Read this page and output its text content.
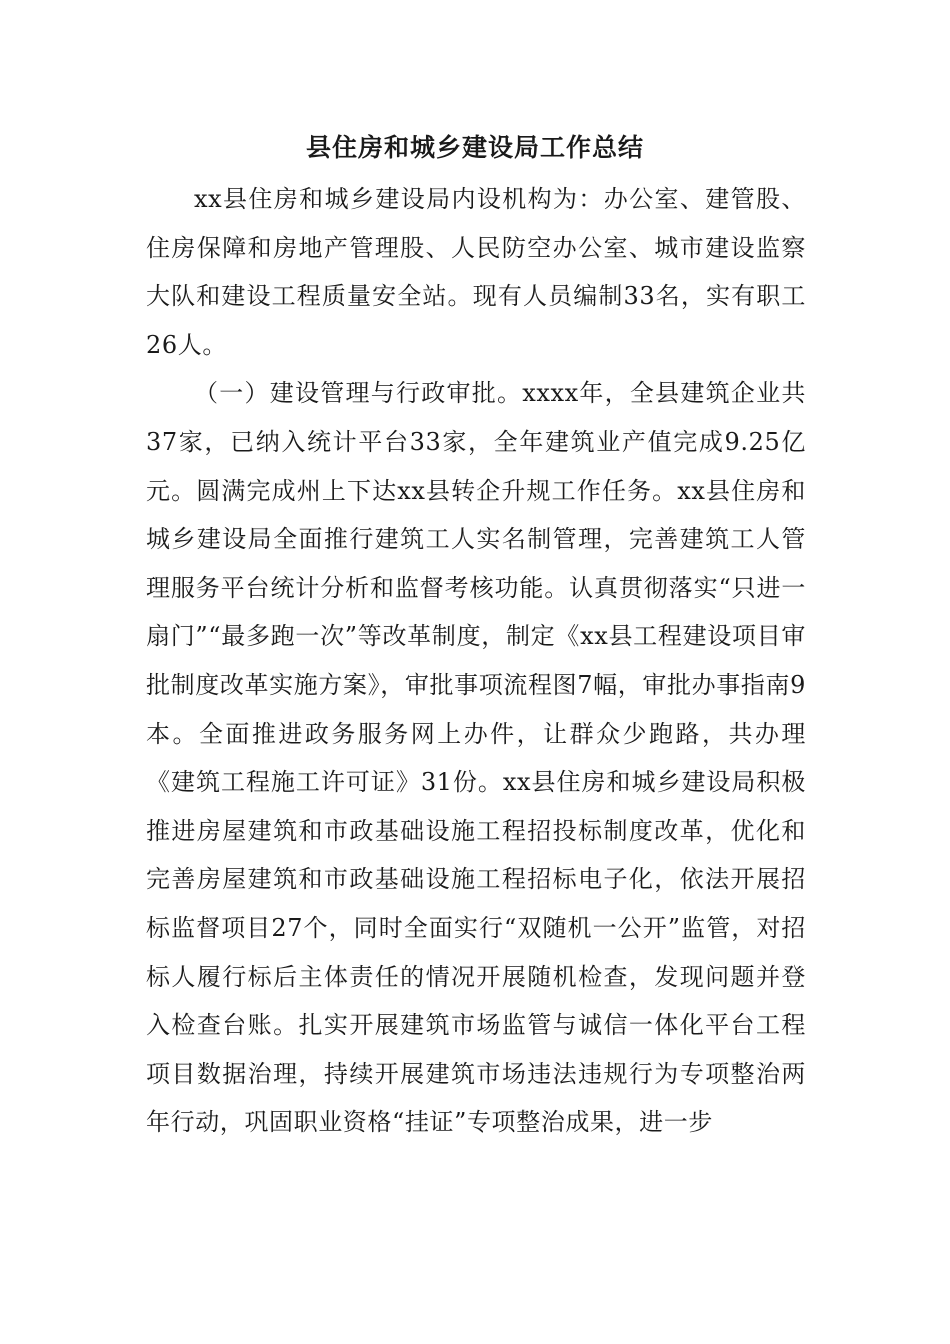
县住房和城乡建设局工作总结

xx县住房和城乡建设局内设机构为：办公室、建管股、住房保障和房地产管理股、人民防空办公室、城市建设监察大队和建设工程质量安全站。现有人员编制33名，实有职工26人。

（一）建设管理与行政审批。xxxx年，全县建筑企业共37家，已纳入统计平台33家，全年建筑业产值完成9.25亿元。圆满完成州上下达xx县转企升规工作任务。xx县住房和城乡建设局全面推行建筑工人实名制管理，完善建筑工人管理服务平台统计分析和监督考核功能。认真贯彻落实“只进一扇门”“最多跑一次”等改革制度，制定《xx县工程建设项目审批制度改革实施方案》，审批事项流程图7幅，审批办事指南9本。全面推进政务服务网上办件，让群众少跑路，共办理《建筑工程施工许可证》31份。xx县住房和城乡建设局积极推进房屋建筑和市政基础设施工程招投标制度改革，优化和完善房屋建筑和市政基础设施工程招标电子化，依法开展招标监督项目27个，同时全面实行“双随机一公开”监管，对招标人履行标后主体责任的情况开展随机检查，发现问题并登入检查台账。扎实开展建筑市场监管与诚信一体化平台工程项目数据治理，持续开展建筑市场违法违规行为专项整治两年行动，巩固职业资格“挂证”专项整治成果，进一步
